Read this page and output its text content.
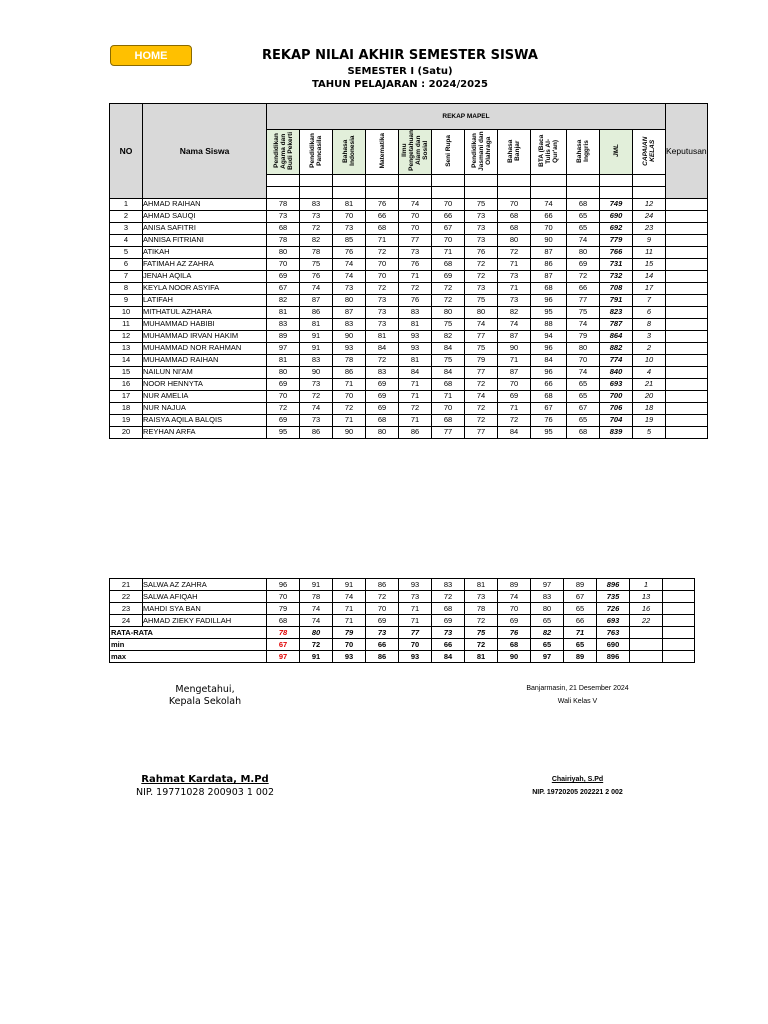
HOME	REKAP NILAI AKHIR SEMESTER SISWA
SEMESTER I (Satu)
TAHUN PELAJARAN : 2024/2025
NO	Nama Siswa	REKAP MAPEL												Keputusan
		Pendidikan Agama dan Budi Pekerti	Pendidikan Pancasila	Bahasa Indonesia	Matematika	Ilmu Pengetahuan Alam dan Sosial	Seni Rupa	Pendidikan Jasmani dan Olahraga	Bahasa Banjar	BTA (Baca Tulis Al-Qur'an)	Bahasa Inggris	JML	CAPAIAN KELAS	

1	AHMAD RAIHAN	78	83	81	76	74	70	75	70	74	68	749	12	
2	AHMAD SAUQI	73	73	70	66	70	66	73	68	66	65	690	24	
3	ANISA SAFITRI	68	72	73	68	70	67	73	68	70	65	692	23	
4	ANNISA FITRIANI	78	82	85	71	77	70	73	80	90	74	779	9	
5	ATIKAH	80	78	76	72	73	71	76	72	87	80	766	11	
6	FATIMAH AZ ZAHRA	70	75	74	70	76	68	72	71	86	69	731	15	
7	JENAH AQILA	69	76	74	70	71	69	72	73	87	72	732	14	
8	KEYLA NOOR ASYIFA	67	74	73	72	72	72	73	71	68	66	708	17	
9	LATIFAH	82	87	80	73	76	72	75	73	96	77	791	7	
10	MITHATUL AZHARA	81	86	87	73	83	80	80	82	95	75	823	6	
11	MUHAMMAD HABIBI	83	81	83	73	81	75	74	74	88	74	787	8	
12	MUHAMMAD IRVAN HAKIM	89	91	90	81	93	82	77	87	94	79	864	3	
13	MUHAMMAD NOR RAHMAN	97	91	93	84	93	84	75	90	96	80	882	2	
14	MUHAMMAD RAIHAN	81	83	78	72	81	75	79	71	84	70	774	10	
15	NAILUN NI'AM	80	90	86	83	84	84	77	87	96	74	840	4	
16	NOOR HENNYTA	69	73	71	69	71	68	72	70	66	65	693	21	
17	NUR AMELIA	70	72	70	69	71	71	74	69	68	65	700	20	
18	NUR NAJUA	72	74	72	69	72	70	72	71	67	67	706	18	
19	RAISYA AQILA BALQIS	69	73	71	68	71	68	72	72	76	65	704	19	
20	REYHAN ARFA	95	86	90	80	86	77	77	84	95	68	839	5	
21	SALWA AZ ZAHRA	96	91	91	86	93	83	81	89	97	89	896	1	
22	SALWA AFIQAH	70	78	74	72	73	72	73	74	83	67	735	13	
23	MAHDI SYA BAN	79	74	71	70	71	68	78	70	80	65	726	16	
24	AHMAD ZIEKY FADILLAH	68	74	71	69	71	69	72	69	65	66	693	22	
RATA-RATA		78	80	79	73	77	73	75	76	82	71	763		
min		67	72	70	66	70	66	72	68	65	65	690		
max		97	91	93	86	93	84	81	90	97	89	896		
Mengetahui,
Kepala Sekolah
Rahmat Kardata, M.Pd
NIP. 19771028 200903 1 002
Banjarmasin, 21 Desember 2024
Wali Kelas V
Chairiyah, S.Pd
NIP. 19720205 202221 2 002
